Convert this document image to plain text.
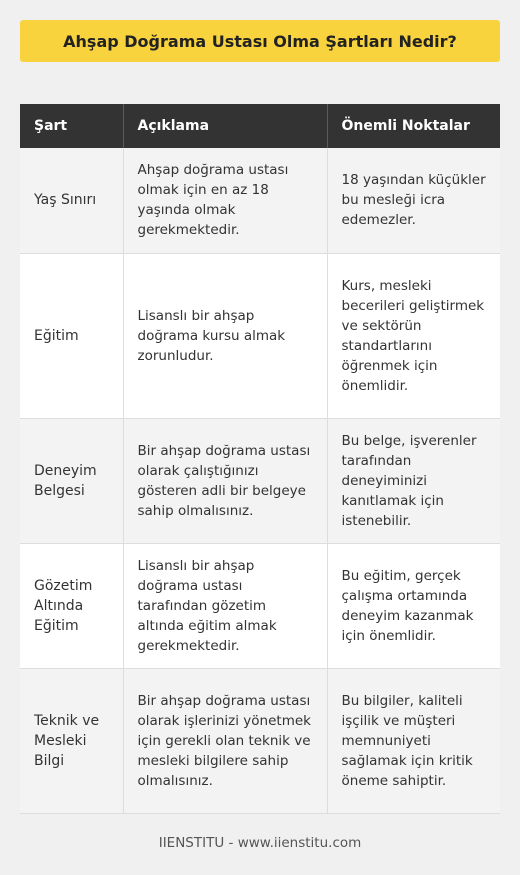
Ahşap Doğrama Ustası Olma Şartları Nedir?
Şart	Açıklama	Önemli Noktalar
Yaş Sınırı	Ahşap doğrama ustası olmak için en az 18 yaşında olmak gerekmektedir.	18 yaşından küçükler bu mesleği icra edemezler.
Eğitim	Lisanslı bir ahşap doğrama kursu almak zorunludur.	Kurs, mesleki becerileri geliştirmek ve sektörün standartlarını öğrenmek için önemlidir.
Deneyim Belgesi	Bir ahşap doğrama ustası olarak çalıştığınızı gösteren adli bir belgeye sahip olmalısınız.	Bu belge, işverenler tarafından deneyiminizi kanıtlamak için istenebilir.
Gözetim Altında Eğitim	Lisanslı bir ahşap doğrama ustası tarafından gözetim altında eğitim almak gerekmektedir.	Bu eğitim, gerçek çalışma ortamında deneyim kazanmak için önemlidir.
Teknik ve Mesleki Bilgi	Bir ahşap doğrama ustası olarak işlerinizi yönetmek için gerekli olan teknik ve mesleki bilgilere sahip olmalısınız.	Bu bilgiler, kaliteli işçilik ve müşteri memnuniyeti sağlamak için kritik öneme sahiptir.
IIENSTITU - www.iienstitu.com
